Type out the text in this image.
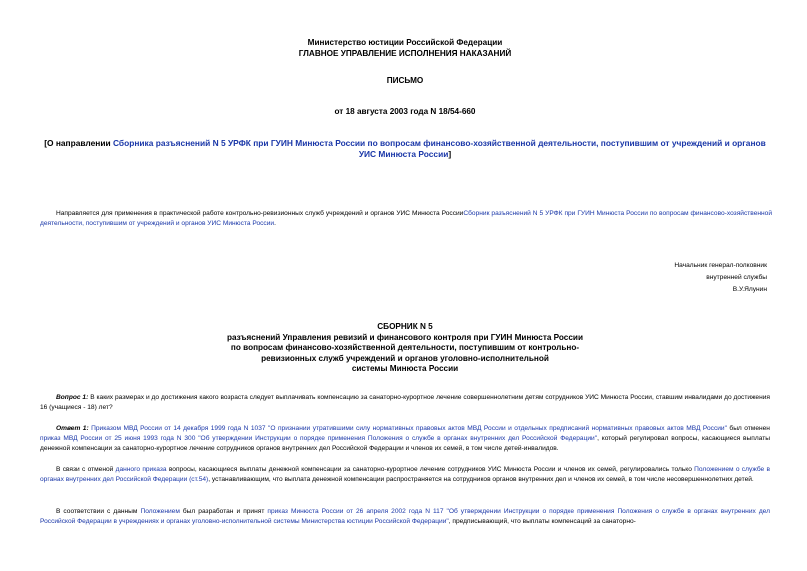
Министерство юстиции Российской Федерации
ГЛАВНОЕ УПРАВЛЕНИЕ ИСПОЛНЕНИЯ НАКАЗАНИЙ
ПИСЬМО
от 18 августа 2003 года N 18/54-660
[О направлении Сборника разъяснений N 5 УРФК при ГУИН Минюста России по вопросам финансово-хозяйственной деятельности, поступившим от учреждений и органов УИС Минюста России]
Направляется для применения в практической работе контрольно-ревизионных служб учреждений и органов УИС Минюста РоссииСборник разъяснений N 5 УРФК при ГУИН Минюста России по вопросам финансово-хозяйственной деятельности, поступившим от учреждений и органов УИС Минюста России.
Начальник генерал-полковник
внутренней службы
В.У.Ялунин
СБОРНИК N 5
разъяснений Управления ревизий и финансового контроля при ГУИН Минюста России
по вопросам финансово-хозяйственной деятельности, поступившим от контрольно-
ревизионных служб учреждений и органов уголовно-исполнительной
системы Минюста России
Вопрос 1: В каких размерах и до достижения какого возраста следует выплачивать компенсацию за санаторно-курортное лечение совершеннолетним детям сотрудников УИС Минюста России, ставшим инвалидами до достижения 16 (учащиеся - 18) лет?
Ответ 1: Приказом МВД России от 14 декабря 1999 года N 1037 "О признании утратившими силу нормативных правовых актов МВД России и отдельных предписаний нормативных правовых актов МВД России" был отменен приказ МВД России от 25 июня 1993 года N 300 "Об утверждении Инструкции о порядке применения Положения о службе в органах внутренних дел Российской Федерации", который регулировал вопросы, касающиеся выплаты денежной компенсации за санаторно-курортное лечение сотрудников органов внутренних дел Российской Федерации и членов их семей, в том числе детей-инвалидов.
В связи с отменой данного приказа вопросы, касающиеся выплаты денежной компенсации за санаторно-курортное лечение сотрудников УИС Минюста России и членов их семей, регулировались только Положением о службе в органах внутренних дел Российской Федерации (ст.54), устанавливающим, что выплата денежной компенсации распространяется на сотрудников органов внутренних дел и членов их семей, в том числе несовершеннолетних детей.
В соответствии с данным Положением был разработан и принят приказ Минюста России от 26 апреля 2002 года N 117 "Об утверждении Инструкции о порядке применения Положения о службе в органах внутренних дел Российской Федерации в учреждениях и органах уголовно-исполнительной системы Министерства юстиции Российской Федерации", предписывающий, что выплаты компенсаций за санаторно-
